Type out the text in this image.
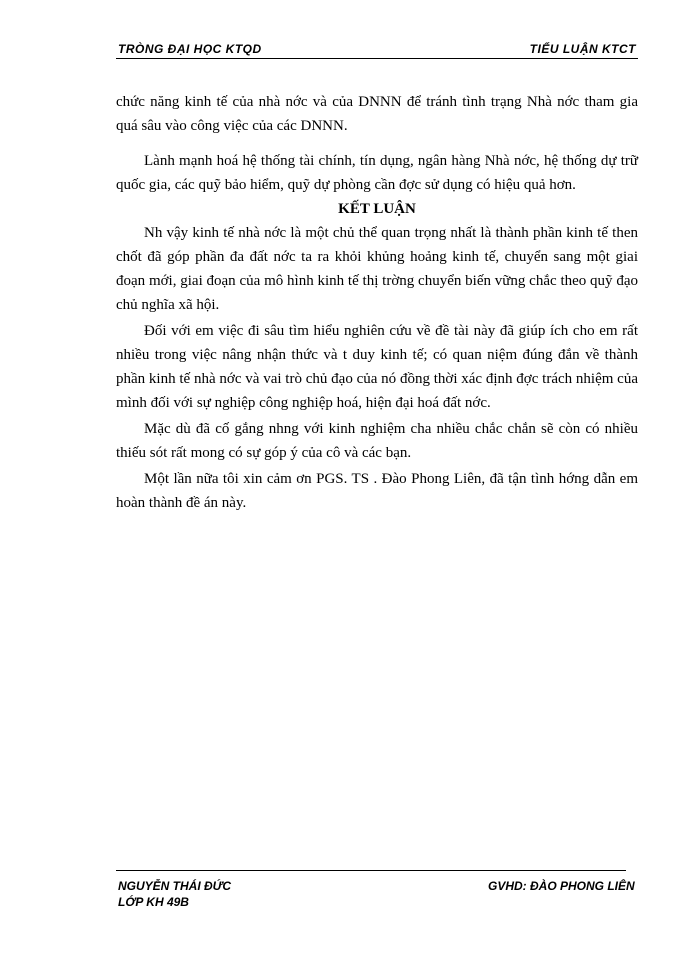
TRÒNG ĐẠI HỌC KTQD	TIỂU LUẬN KTCT

chức năng kinh tế của nhà nớc và của DNNN để tránh tình trạng Nhà nớc tham gia quá sâu vào công việc của các DNNN.

Lành mạnh hoá hệ thống tài chính, tín dụng, ngân hàng Nhà nớc, hệ thống dự trữ quốc gia, các quỹ bảo hiểm, quỹ dự phòng cần đợc sử dụng có hiệu quả hơn.

KẾT LUẬN

Nh vậy kinh tế nhà nớc là một chủ thể quan trọng nhất là thành phần kinh tế then chốt đã góp phần đa đất nớc ta ra khỏi khủng hoảng kinh tế, chuyển sang một giai đoạn mới, giai đoạn của mô hình kinh tế thị trờng chuyển biến vững chắc theo quỹ đạo chủ nghĩa xã hội.

Đối với em việc đi sâu tìm hiểu nghiên cứu về đề tài này đã giúp ích cho em rất nhiều trong việc nâng nhận thức và t duy kinh tế; có quan niệm đúng đắn về thành phần kinh tế nhà nớc và vai trò chủ đạo của nó đồng thời xác định đợc trách nhiệm của mình đối với sự nghiệp công nghiệp hoá, hiện đại hoá đất nớc.

Mặc dù đã cố gắng nhng với kinh nghiệm cha nhiều chắc chắn sẽ còn có nhiều thiếu sót rất mong có sự góp ý của cô và các bạn.

Một lần nữa tôi xin cảm ơn PGS. TS . Đào Phong Liên, đã tận tình hớng dẫn em hoàn thành đề án này.

NGUYỄN THÁI ĐỨC
LỚP KH 49B
GVHD: ĐÀO PHONG LIÊN
